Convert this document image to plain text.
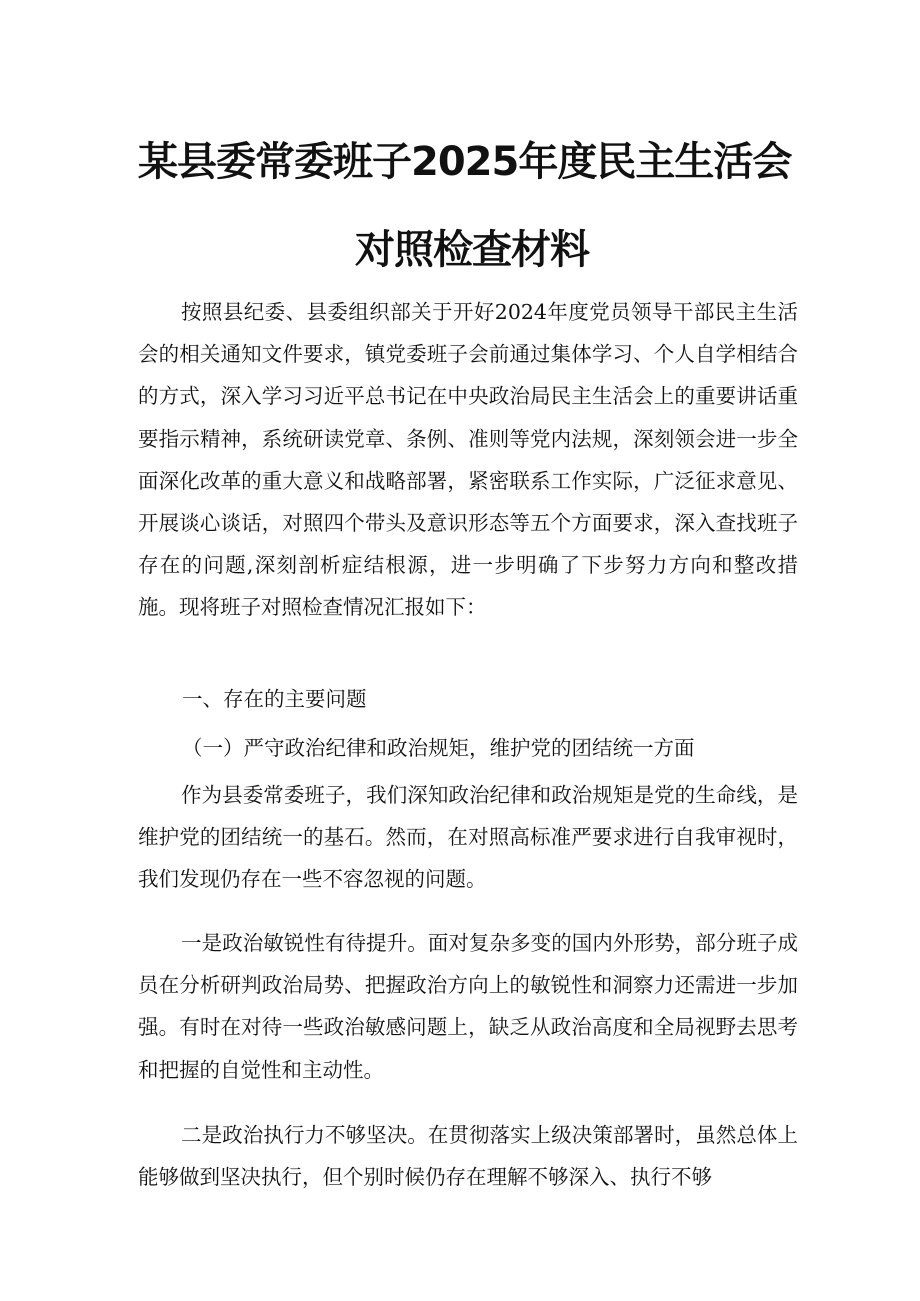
某县委常委班子2025年度民主生活会
对照检查材料

按照县纪委、县委组织部关于开好2024年度党员领导干部民主生活会的相关通知文件要求，镇党委班子会前通过集体学习、个人自学相结合的方式，深入学习习近平总书记在中央政治局民主生活会上的重要讲话重要指示精神，系统研读党章、条例、准则等党内法规，深刻领会进一步全面深化改革的重大意义和战略部署，紧密联系工作实际，广泛征求意见、开展谈心谈话，对照四个带头及意识形态等五个方面要求，深入查找班子存在的问题,深刻剖析症结根源，进一步明确了下步努力方向和整改措施。现将班子对照检查情况汇报如下：

一、存在的主要问题
（一）严守政治纪律和政治规矩，维护党的团结统一方面

作为县委常委班子，我们深知政治纪律和政治规矩是党的生命线，是维护党的团结统一的基石。然而，在对照高标准严要求进行自我审视时，我们发现仍存在一些不容忽视的问题。

一是政治敏锐性有待提升。面对复杂多变的国内外形势，部分班子成员在分析研判政治局势、把握政治方向上的敏锐性和洞察力还需进一步加强。有时在对待一些政治敏感问题上，缺乏从政治高度和全局视野去思考和把握的自觉性和主动性。

二是政治执行力不够坚决。在贯彻落实上级决策部署时，虽然总体上能够做到坚决执行，但个别时候仍存在理解不够深入、执行不够
